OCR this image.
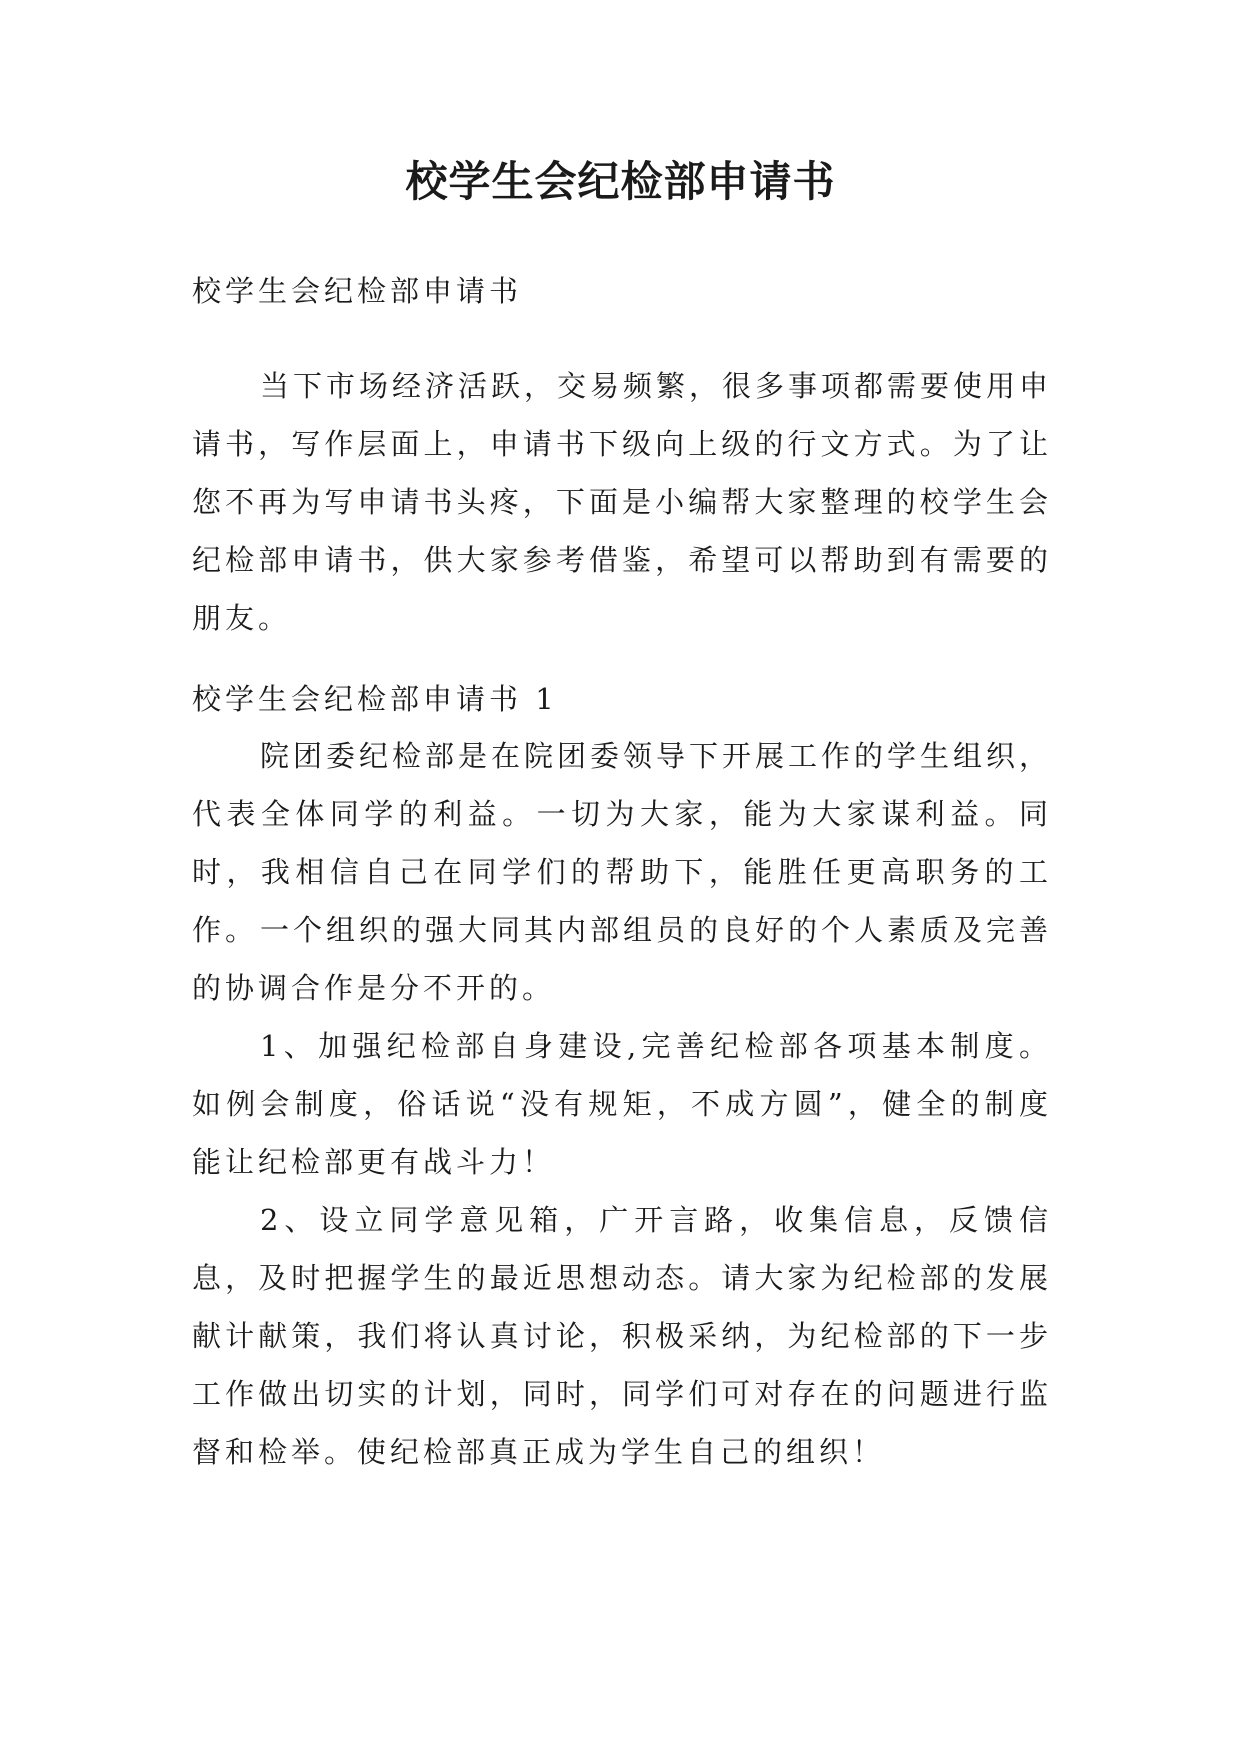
校学生会纪检部申请书

校学生会纪检部申请书

当下市场经济活跃，交易频繁，很多事项都需要使用申请书，写作层面上，申请书下级向上级的行文方式。为了让您不再为写申请书头疼，下面是小编帮大家整理的校学生会纪检部申请书，供大家参考借鉴，希望可以帮助到有需要的朋友。

校学生会纪检部申请书 1

院团委纪检部是在院团委领导下开展工作的学生组织，代表全体同学的利益。一切为大家，能为大家谋利益。同时，我相信自己在同学们的帮助下，能胜任更高职务的工作。 一个组织的强大同其内部组员的良好的个人素质及完善的协调合作是分不开的。

1、加强纪检部自身建设,完善纪检部各项基本制度。如例会制度，俗话说“没有规矩，不成方圆”，健全的制度能让纪检部更有战斗力！

2、设立同学意见箱，广开言路，收集信息，反馈信息，及时把握学生的最近思想动态。请大家为纪检部的发展献计献策，我们将认真讨论，积极采纳，为纪检部的下一步工作做出切实的计划，同时，同学们可对存在的问题进行监督和检举。使纪检部真正成为学生自己的组织！
